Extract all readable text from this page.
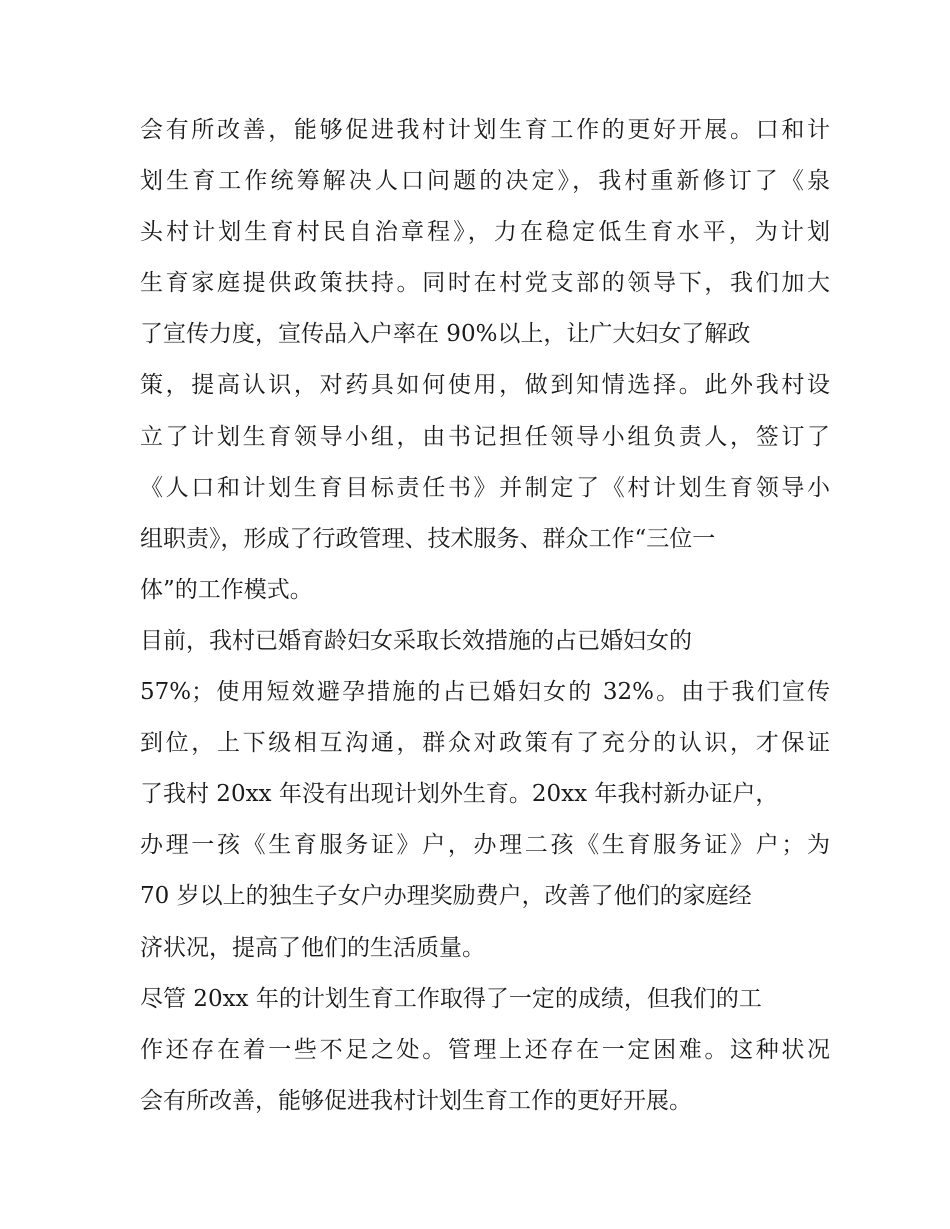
会有所改善，能够促进我村计划生育工作的更好开展。口和计
划生育工作统筹解决人口问题的决定》，我村重新修订了《泉
头村计划生育村民自治章程》，力在稳定低生育水平，为计划
生育家庭提供政策扶持。同时在村党支部的领导下，我们加大
了宣传力度，宣传品入户率在 90%以上，让广大妇女了解政
策，提高认识，对药具如何使用，做到知情选择。此外我村设
立了计划生育领导小组，由书记担任领导小组负责人，签订了
《人口和计划生育目标责任书》并制定了《村计划生育领导小
组职责》，形成了行政管理、技术服务、群众工作“三位一
体”的工作模式。
目前，我村已婚育龄妇女采取长效措施的占已婚妇女的
57%；使用短效避孕措施的占已婚妇女的 32%。由于我们宣传
到位，上下级相互沟通，群众对政策有了充分的认识，才保证
了我村 20xx 年没有出现计划外生育。20xx 年我村新办证户，
办理一孩《生育服务证》户，办理二孩《生育服务证》户；为
70 岁以上的独生子女户办理奖励费户，改善了他们的家庭经
济状况，提高了他们的生活质量。
尽管 20xx 年的计划生育工作取得了一定的成绩，但我们的工
作还存在着一些不足之处。管理上还存在一定困难。这种状况
会有所改善，能够促进我村计划生育工作的更好开展。
